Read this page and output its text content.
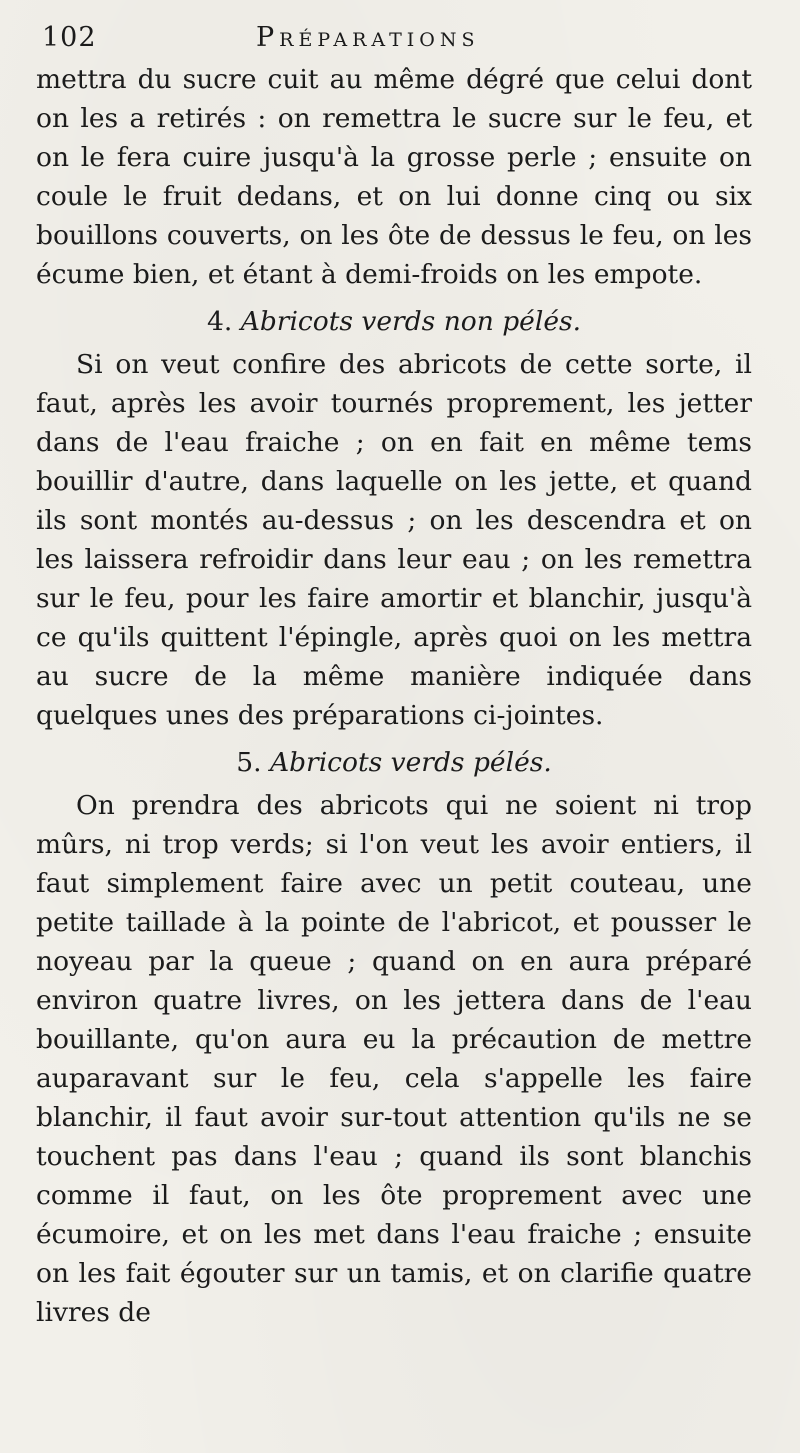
102	Préparations

mettra du sucre cuit au même dégré que celui dont on les a retirés : on remettra le sucre sur le feu, et on le fera cuire jusqu'à la grosse perle ; ensuite on coule le fruit dedans, et on lui donne cinq ou six bouillons couverts, on les ôte de dessus le feu, on les écume bien, et étant à demi-froids on les empote.

4. Abricots verds non pélés.

Si on veut confire des abricots de cette sorte, il faut, après les avoir tournés proprement, les jetter dans de l'eau fraiche ; on en fait en même tems bouillir d'autre, dans laquelle on les jette, et quand ils sont montés au-dessus ; on les descendra et on les laissera refroidir dans leur eau ; on les remettra sur le feu, pour les faire amortir et blanchir, jusqu'à ce qu'ils quittent l'épingle, après quoi on les mettra au sucre de la même manière indiquée dans quelques unes des préparations ci-jointes.

5. Abricots verds pélés.

On prendra des abricots qui ne soient ni trop mûrs, ni trop verds; si l'on veut les avoir entiers, il faut simplement faire avec un petit couteau, une petite taillade à la pointe de l'abricot, et pousser le noyeau par la queue ; quand on en aura préparé environ quatre livres, on les jettera dans de l'eau bouillante, qu'on aura eu la précaution de mettre auparavant sur le feu, cela s'appelle les faire blanchir, il faut avoir sur-tout attention qu'ils ne se touchent pas dans l'eau ; quand ils sont blanchis comme il faut, on les ôte proprement avec une écumoire, et on les met dans l'eau fraiche ; ensuite on les fait égouter sur un tamis, et on clarifie quatre livres de
